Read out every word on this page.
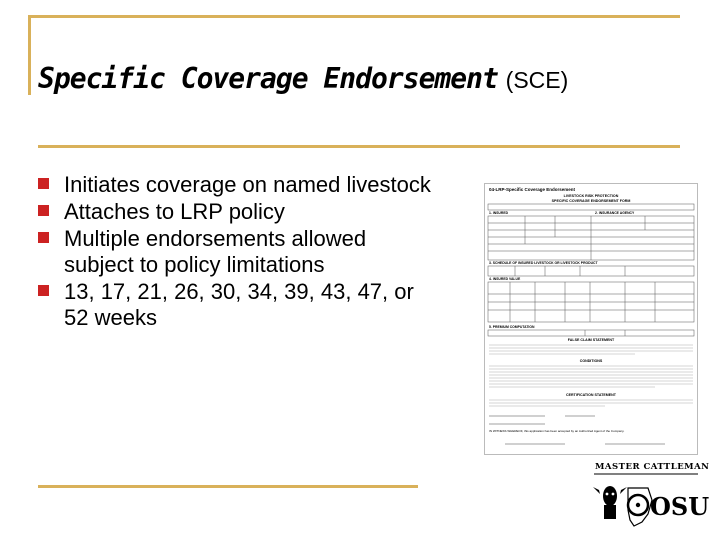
Specific Coverage Endorsement (SCE)
Initiates coverage on named livestock
Attaches to LRP policy
Multiple endorsements allowed subject to policy limitations
13, 17, 21, 26, 30, 34, 39, 43, 47, or 52 weeks
04-LRP-Specific Coverage Endorsement
LIVESTOCK RISK PROTECTION
SPECIFIC COVERAGE ENDORSEMENT FORM
1. INSURED	2. INSURANCE AGENCY
3. SCHEDULE OF INSURED LIVESTOCK OR LIVESTOCK PRODUCT
4. INSURED VALUE
5. PREMIUM COMPUTATION
FALSE CLAIM STATEMENT
CONDITIONS
CERTIFICATION STATEMENT
IN WITNESS WHEREOF, this application has been accepted by an Authorized Agent of the Company.
MASTER CATTLEMAN
OSU
